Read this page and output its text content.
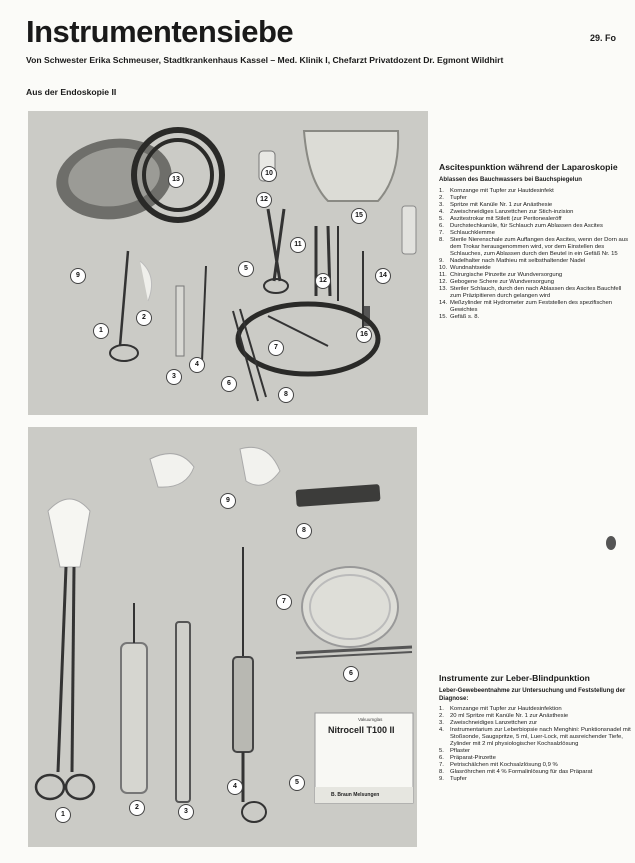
29. Fo
Instrumentensiebe
Von Schwester Erika Schmeuser, Stadtkrankenhaus Kassel – Med. Klinik I, Chefarzt Privatdozent Dr. Egmont Wildhirt
Aus der Endoskopie II
13
10
12
15
9
11
5
14
2
1
12
16
7
3
4
6
8
Vakuumglas
Nitrocell T100 II
B. Braun Melsungen
9
8
7
6
1
2
3
4
5
Ascitespunktion während der Laparoskopie
Ablassen des Bauchwassers bei Bauchspiegelun
1.	Kornzange mit Tupfer zur Hautdesinfekt
2.	Tupfer
3.	Spritze mit Kanüle Nr. 1 zur Anästhesie
4.	Zweischneidiges Lanzettchen zur Stich-inzision
5.	Aszitestrokar mit Stilett (zur Peritonealeröff
6.	Durchstechkanüle, für Schlauch zum Ablassen des Ascites
7.	Schlauchklemme
8.	Sterile Nierenschale zum Auffangen des Ascites, wenn der Dorn aus dem Trokar herausgenommen wird, vor dem Einstellen des Schlauches, zum Ablassen durch den Beutel in ein Gefäß Nr. 15
9.	Nadelhalter nach Mathieu mit selbsthaltender Nadel
10. Wundnahtseide
11. Chirurgische Pinzette zur Wundversorgung
12. Gebogene Schere zur Wundversorgung
13. Steriler Schlauch, durch den nach Ablassen des Ascites Bauchfell zum Präzipitieren durch gelangen wird
14. Meßzylinder mit Hydrometer zum Feststellen des spezifischen Gewichtes
15. Gefäß s. 8.
Instrumente zur Leber-Blindpunktion
Leber-Gewebeentnahme zur Untersuchung und Feststellung der Diagnose:
1.	Kornzange mit Tupfer zur Hautdesinfektion
2.	20 ml Spritze mit Kanüle Nr. 1 zur Anästhesie
3.	Zweischneidiges Lanzettchen zur
4.	Instrumentarium zur Leberbiopsie nach Menghini: Punktionsnadel mit Stoßsonde, Saugspritze, 5 ml, Luer-Lock, mit ausreichender Tiefe, Zylinder mit 2 ml physiologischer Kochsalzlösung
5.	Pflaster
6.	Präparat-Pinzette
7.	Petrischälchen mit Kochsalzlösung 0,9 %
8.	Glasröhrchen mit 4 % Formalinlösung für das Präparat
9.	Tupfer
